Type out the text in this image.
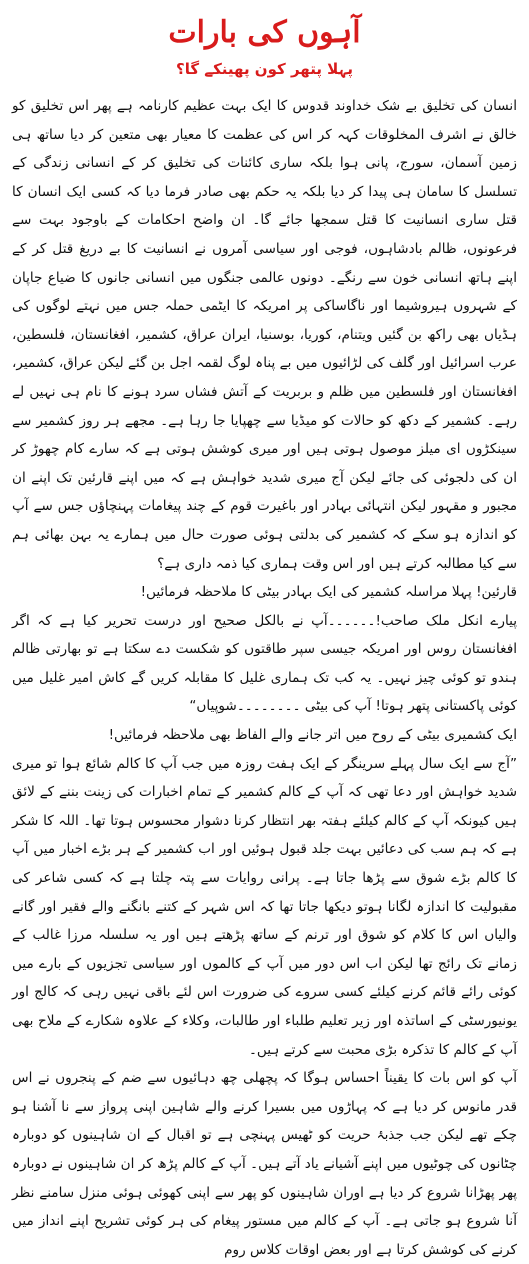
آہوں کی بارات
پہلا پتھر کون پھینکے گا؟

انسان کی تخلیق بے شک خداوند قدوس کا ایک بہت عظیم کارنامہ ہے پھر اس تخلیق کو خالق نے اشرف المخلوقات کہہ کر اس کی عظمت کا معیار بھی متعین کر دیا ساتھ ہی زمین آسمان، سورج، پانی ہوا بلکہ ساری کائنات کی تخلیق کر کے انسانی زندگی کے تسلسل کا سامان ہی پیدا کر دیا بلکہ یہ حکم بھی صادر فرما دیا کہ کسی ایک انسان کا قتل ساری انسانیت کا قتل سمجھا جائے گا۔ ان واضح احکامات کے باوجود بہت سے فرعونوں، ظالم بادشاہوں، فوجی اور سیاسی آمروں نے انسانیت کا بے دریغ قتل کر کے اپنے ہاتھ انسانی خون سے رنگے۔ دونوں عالمی جنگوں میں انسانی جانوں کا ضیاع جاپان کے شہروں ہیروشیما اور ناگاساکی پر امریکہ کا ایٹمی حملہ جس میں نہتے لوگوں کی ہڈیاں بھی راکھ بن گئیں ویتنام، کوریا، بوسنیا، ایران عراق، کشمیر، افغانستان، فلسطین، عرب اسرائیل اور گلف کی لڑائیوں میں بے پناہ لوگ لقمہ اجل بن گئے لیکن عراق، کشمیر، افغانستان اور فلسطین میں ظلم و بربریت کے آتش فشاں سرد ہونے کا نام ہی نہیں لے رہے۔ کشمیر کے دکھ کو حالات کو میڈیا سے چھپایا جا رہا ہے۔ مجھے ہر روز کشمیر سے سینکڑوں ای میلز موصول ہوتی ہیں اور میری کوشش ہوتی ہے کہ سارے کام چھوڑ کر ان کی دلجوئی کی جائے لیکن آج میری شدید خواہش ہے کہ میں اپنے قارئین تک اپنے ان مجبور و مقہور لیکن انتہائی بہادر اور باغیرت قوم کے چند پیغامات پہنچاؤں جس سے آپ کو اندازہ ہو سکے کہ کشمیر کی بدلتی ہوئی صورت حال میں ہمارے یہ بہن بھائی ہم سے کیا مطالبہ کرتے ہیں اور اس وقت ہماری کیا ذمہ داری ہے؟

قارئین! پہلا مراسلہ کشمیر کی ایک بہادر بیٹی کا ملاحظہ فرمائیں!

پیارے انکل ملک صاحب!۔۔۔۔۔۔آپ نے بالکل صحیح اور درست تحریر کیا ہے کہ اگر افغانستان روس اور امریکہ جیسی سپر طاقتوں کو شکست دے سکتا ہے تو بھارتی ظالم ہندو تو کوئی چیز نہیں۔ یہ کب تک ہماری غلیل کا مقابلہ کریں گے کاش امیر غلیل میں کوئی پاکستانی پتھر ہوتا! آپ کی بیٹی ۔۔۔۔۔۔۔۔شوپیاں“

ایک کشمیری بیٹی کے روح میں اتر جانے والے الفاظ بھی ملاحظہ فرمائیں!

”آج سے ایک سال پہلے سرینگر کے ایک ہفت روزہ میں جب آپ کا کالم شائع ہوا تو میری شدید خواہش اور دعا تھی کہ آپ کے کالم کشمیر کے تمام اخبارات کی زینت بننے کے لائق ہیں کیونکہ آپ کے کالم کیلئے ہفتہ بھر انتظار کرنا دشوار محسوس ہوتا تھا۔ اللہ کا شکر ہے کہ ہم سب کی دعائیں بہت جلد قبول ہوئیں اور اب کشمیر کے ہر بڑے اخبار میں آپ کا کالم بڑے شوق سے پڑھا جاتا ہے۔ پرانی روایات سے پتہ چلتا ہے کہ کسی شاعر کی مقبولیت کا اندازہ لگانا ہوتو دیکھا جاتا تھا کہ اس شہر کے کتنے بانگنے والے فقیر اور گانے والیاں اس کا کلام کو شوق اور ترنم کے ساتھ پڑھتے ہیں اور یہ سلسلہ مرزا غالب کے زمانے تک رائج تھا لیکن اب اس دور میں آپ کے کالموں اور سیاسی تجزیوں کے بارے میں کوئی رائے قائم کرنے کیلئے کسی سروے کی ضرورت اس لئے باقی نہیں رہی کہ کالج اور یونیورسٹی کے اساتذہ اور زیر تعلیم طلباء اور طالبات، وکلاء کے علاوہ شکارے کے ملاح بھی آپ کے کالم کا تذکرہ بڑی محبت سے کرتے ہیں۔

آپ کو اس بات کا یقیناً احساس ہوگا کہ پچھلی چھ دہائیوں سے ضم کے پنجروں نے اس قدر مانوس کر دیا ہے کہ پہاڑوں میں بسیرا کرنے والے شاہین اپنی پرواز سے نا آشنا ہو چکے تھے لیکن جب جذبۂ حریت کو ٹھیس پہنچی ہے تو اقبال کے ان شاہینوں کو دوبارہ چٹانوں کی چوٹیوں میں اپنے آشیانے یاد آتے ہیں۔ آپ کے کالم پڑھ کر ان شاہینوں نے دوبارہ پھر پھڑانا شروع کر دیا ہے اوران شاہینوں کو پھر سے اپنی کھوئی ہوئی منزل سامنے نظر آنا شروع ہو جاتی ہے۔ آپ کے کالم میں مستور پیغام کی ہر کوئی تشریح اپنے انداز میں کرنے کی کوشش کرتا ہے اور بعض اوقات کلاس روم
